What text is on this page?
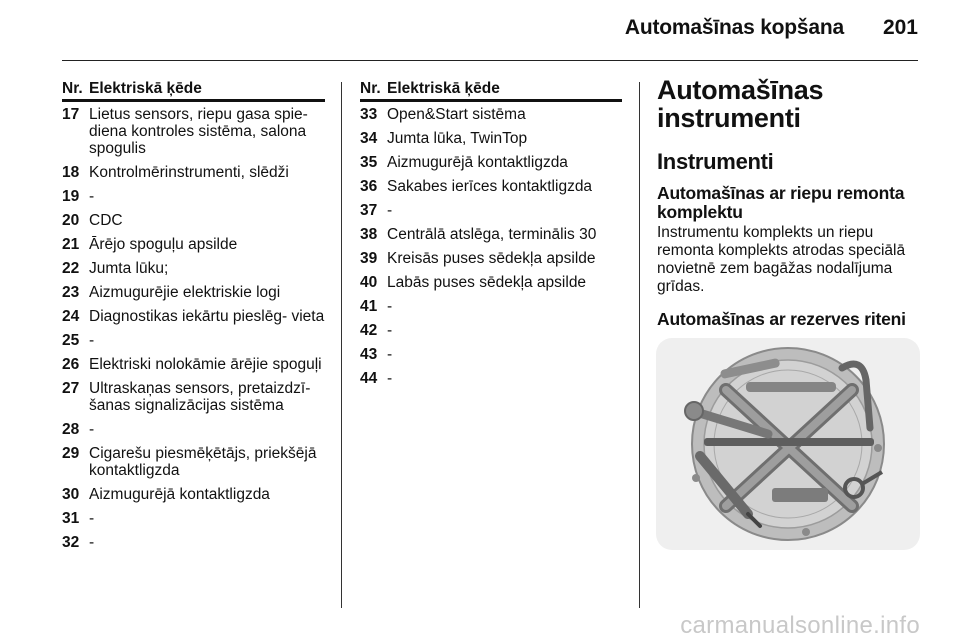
Automašīnas kopšana 201
Nr.	Elektriskā ķēde
17	Lietus sensors, riepu gasa spie- diena kontroles sistēma, salona spogulis
18	Kontrolmērinstrumenti, slēdži
19	-
20	CDC
21	Ārējo spoguļu apsilde
22	Jumta lūku;
23	Aizmugurējie elektriskie logi
24	Diagnostikas iekārtu pieslēg- vieta
25	-
26	Elektriski nolokāmie ārējie spoguļi
27	Ultraskaņas sensors, pretaizdzī- šanas signalizācijas sistēma
28	-
29	Cigarešu piesmēķētājs, priekšējā kontaktligzda
30	Aizmugurējā kontaktligzda
31	-
32	-
Nr.	Elektriskā ķēde
33	Open&Start sistēma
34	Jumta lūka, TwinTop
35	Aizmugurējā kontaktligzda
36	Sakabes ierīces kontaktligzda
37	-
38	Centrālā atslēga, terminālis 30
39	Kreisās puses sēdekļa apsilde
40	Labās puses sēdekļa apsilde
41	-
42	-
43	-
44	-
Automašīnas instrumenti
Instrumenti
Automašīnas ar riepu remonta komplektu

Instrumentu komplekts un riepu remonta komplekts atrodas speciālā novietnē zem bagāžas nodalījuma grīdas.

Automašīnas ar rezerves riteni
carmanualsonline.info
